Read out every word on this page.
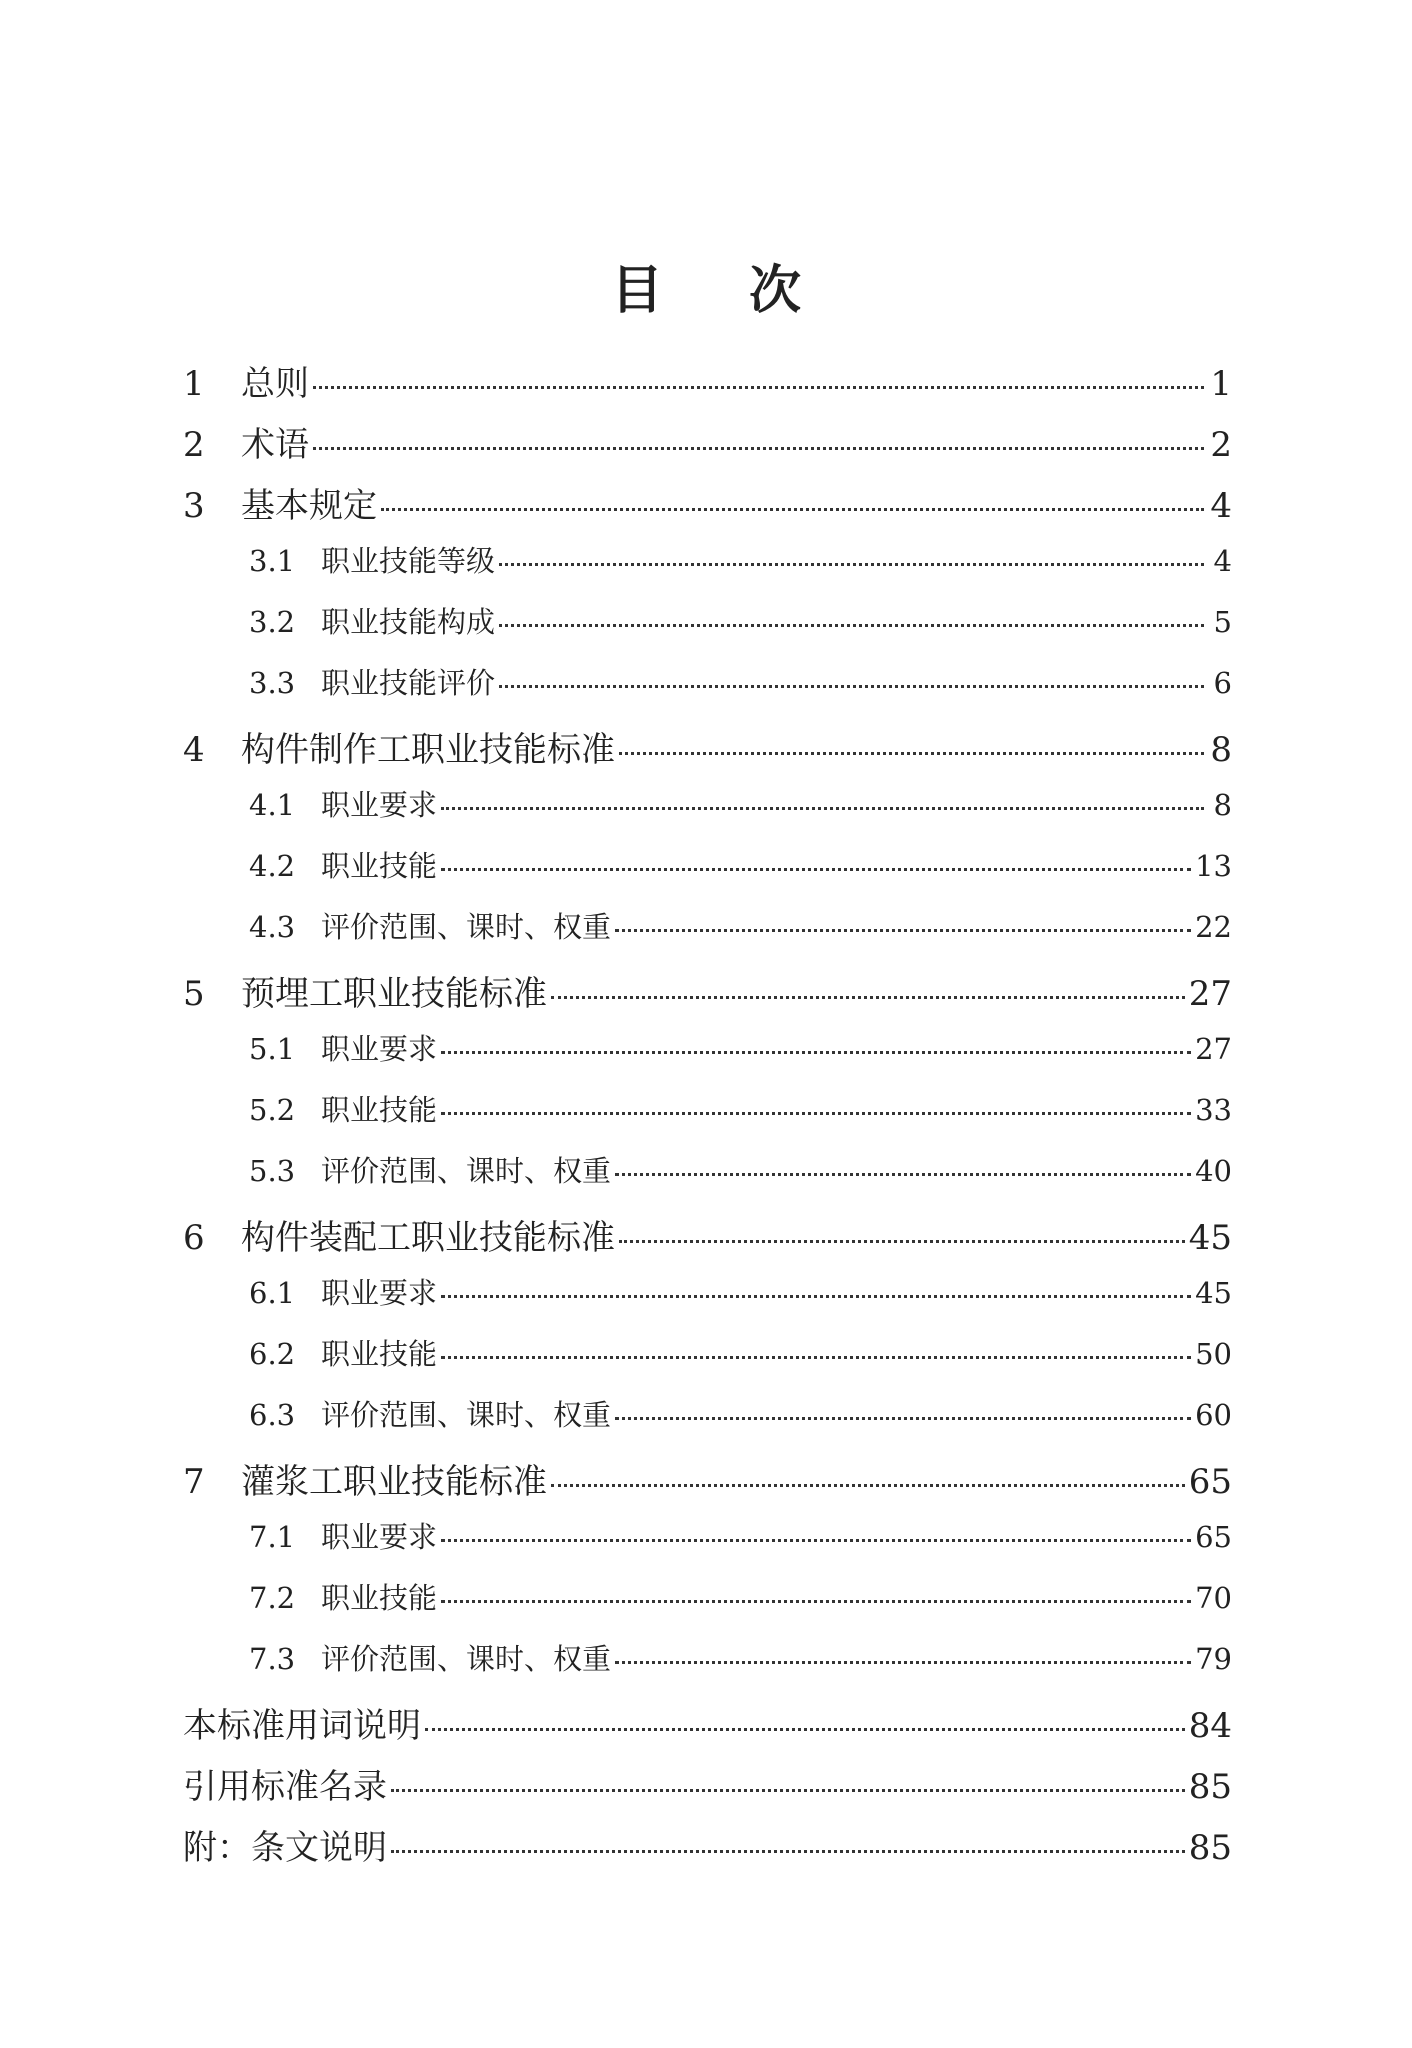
目 次
1	总则	1
2	术语	2
3	基本规定	4
3.1 职业技能等级	4
3.2 职业技能构成	5
3.3 职业技能评价	6
4	构件制作工职业技能标准	8
4.1 职业要求	8
4.2 职业技能	13
4.3 评价范围、课时、权重	22
5	预埋工职业技能标准	27
5.1 职业要求	27
5.2 职业技能	33
5.3 评价范围、课时、权重	40
6	构件装配工职业技能标准	45
6.1 职业要求	45
6.2 职业技能	50
6.3 评价范围、课时、权重	60
7	灌浆工职业技能标准	65
7.1 职业要求	65
7.2 职业技能	70
7.3 评价范围、课时、权重	79
本标准用词说明	84
引用标准名录	85
附：条文说明	85
